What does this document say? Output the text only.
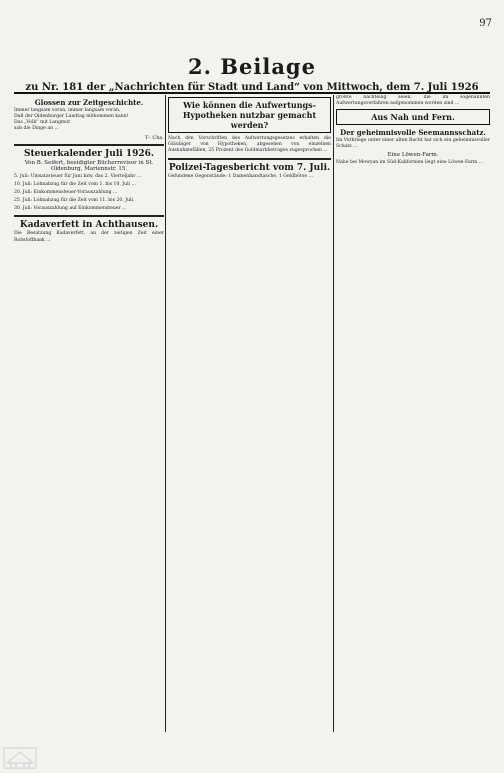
97
2. Beilage
zu Nr. 181 der „Nachrichten für Stadt und Land“ von Mittwoch, dem 7. Juli 1926
Glossen zur Zeitgeschichte.
Immer langsam voran, immer langsam voran,
Daß der Oldenburger Landtag mitkommen kann!
Das „Volk“ mit Langmut
sah die Dinge an ...
T– Cha.
Steuerkalender Juli 1926.
Von B. Seifert, beeidigter Bücherrevisor in St. Oldenburg, Mariennstr. 15.
5. Juli: Umsatzsteuer für Juni bzw. das 2. Vierteljahr ...
10. Juli: Lohnabzug für die Zeit vom 1. bis 10. Juli ...
20. Juli: Einkommensteuer-Vorauszahlung ...
25. Juli: Lohnabzug für die Zeit vom 11. bis 20. Juli.
30. Juli: Vorauszahlung auf Einkommensteuer ...
Kadaverfett in Achthausen.
Die Besatzung Kadaverfett, an der zeitigen Zeit einer Rohstoffbank ...
Wie können die Aufwertungs-Hypotheken nutzbar gemacht werden?
Nach den Vorschriften des Aufwertungsgesetzes erhalten die Gläubiger von Hypotheken, abgesehen von einzelnen Ausnahmefällen, 25 Prozent des Goldmarkbetrages zugesprochen ...
Polizei-Tagesbericht vom 7. Juli.
Gefundene Gegenstände: 1 Damenhandtasche, 1 Geldbörse ...
größte nachteilig seien, die im sogenannten Aufwertungsverfahren aufgenommen worden sind ...
Aus Nah und Fern.
Der geheimnisvolle Seemannsschatz.
Im Vorkriege unter einer alten Bucht hat sich ein geheimnisvoller Schatz ...
Eine Löwen-Farm.
Nahe bei Mowyan im Süd-Kalifornien liegt eine Löwen-Farm ...
